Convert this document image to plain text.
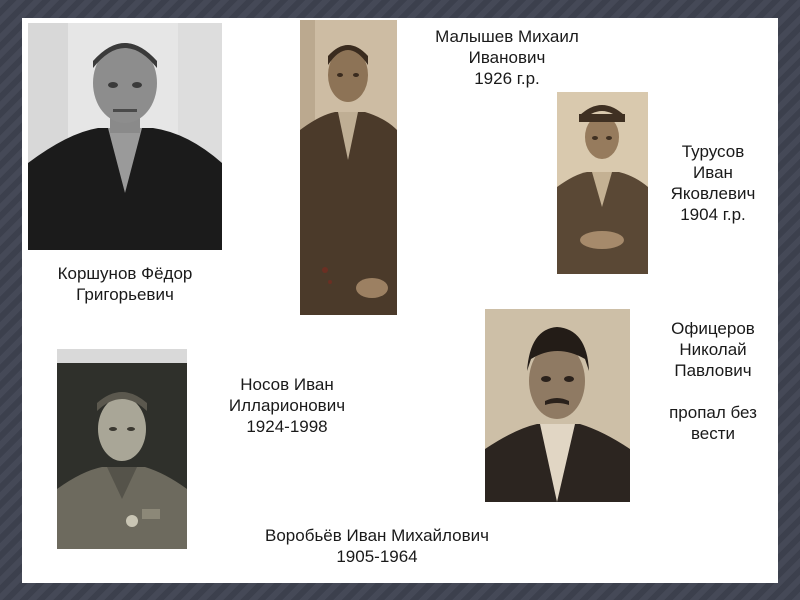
Коршунов Фёдор
Григорьевич
Малышев Михаил
Иванович
1926 г.р.
Турусов
Иван
Яковлевич
1904 г.р.
Офицеров
Николай
Павлович
пропал без
вести
Носов Иван
Илларионович
1924-1998
Воробьёв Иван Михайлович
1905-1964
